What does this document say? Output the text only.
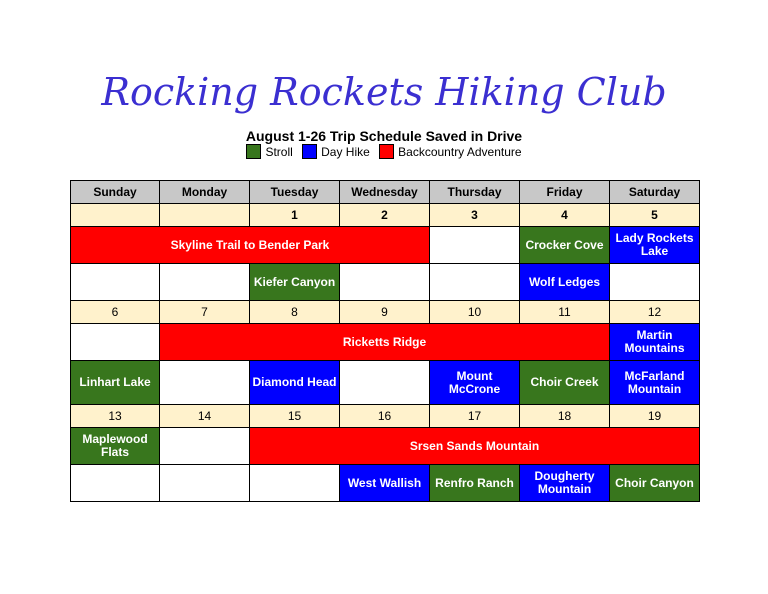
Rocking Rockets Hiking Club
August 1-26 Trip Schedule Saved in Drive
Stroll Day Hike Backcountry Adventure
Sunday	Monday	Tuesday	Wednesday	Thursday	Friday	Saturday
		1	2	3	4	5
Skyline Trail to Bender Park					Crocker Cove	Lady Rockets Lake
		Kiefer Canyon			Wolf Ledges	
6	7	8	9	10	11	12
	Ricketts Ridge					Martin Mountains
Linhart Lake		Diamond Head		Mount McCrone	Choir Creek	McFarland Mountain
13	14	15	16	17	18	19
Maplewood Flats		Srsen Sands Mountain				
			West Wallish	Renfro Ranch	Dougherty Mountain	Choir Canyon
